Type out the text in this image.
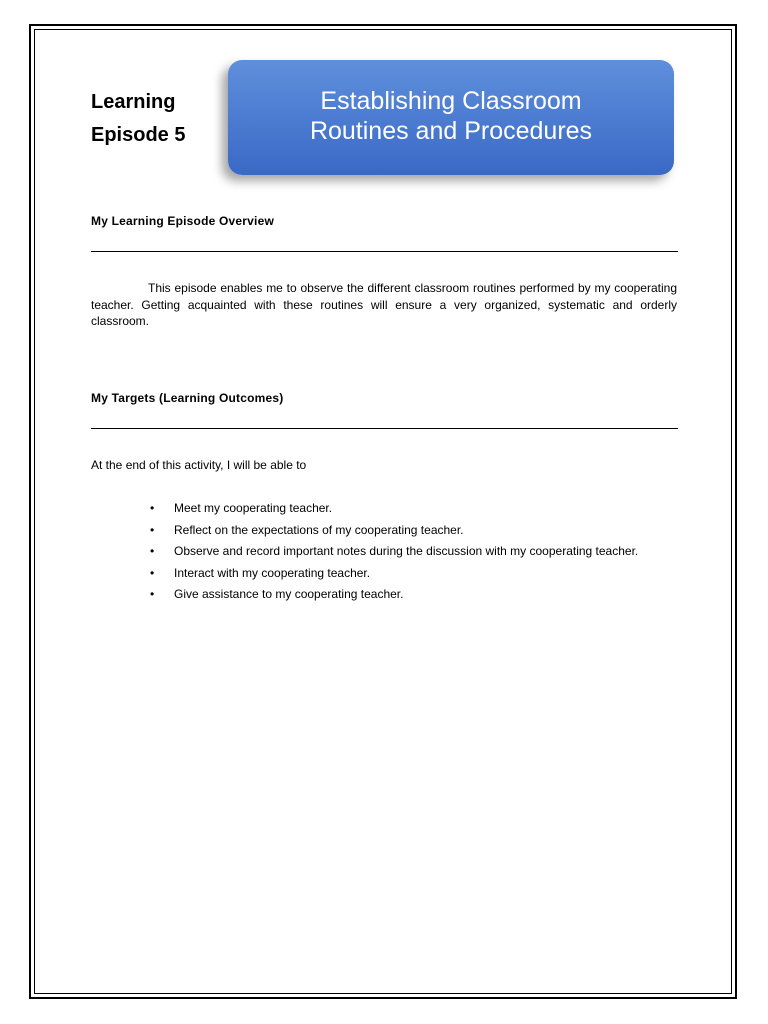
Learning
Episode 5
Establishing Classroom
Routines and Procedures
My Learning Episode Overview

This episode enables me to observe the different classroom routines performed by my cooperating teacher. Getting acquainted with these routines will ensure a very organized, systematic and orderly classroom.

My Targets (Learning Outcomes)

At the end of this activity, I will be able to

• Meet my cooperating teacher.
• Reflect on the expectations of my cooperating teacher.
• Observe and record important notes during the discussion with my cooperating teacher.
• Interact with my cooperating teacher.
• Give assistance to my cooperating teacher.
